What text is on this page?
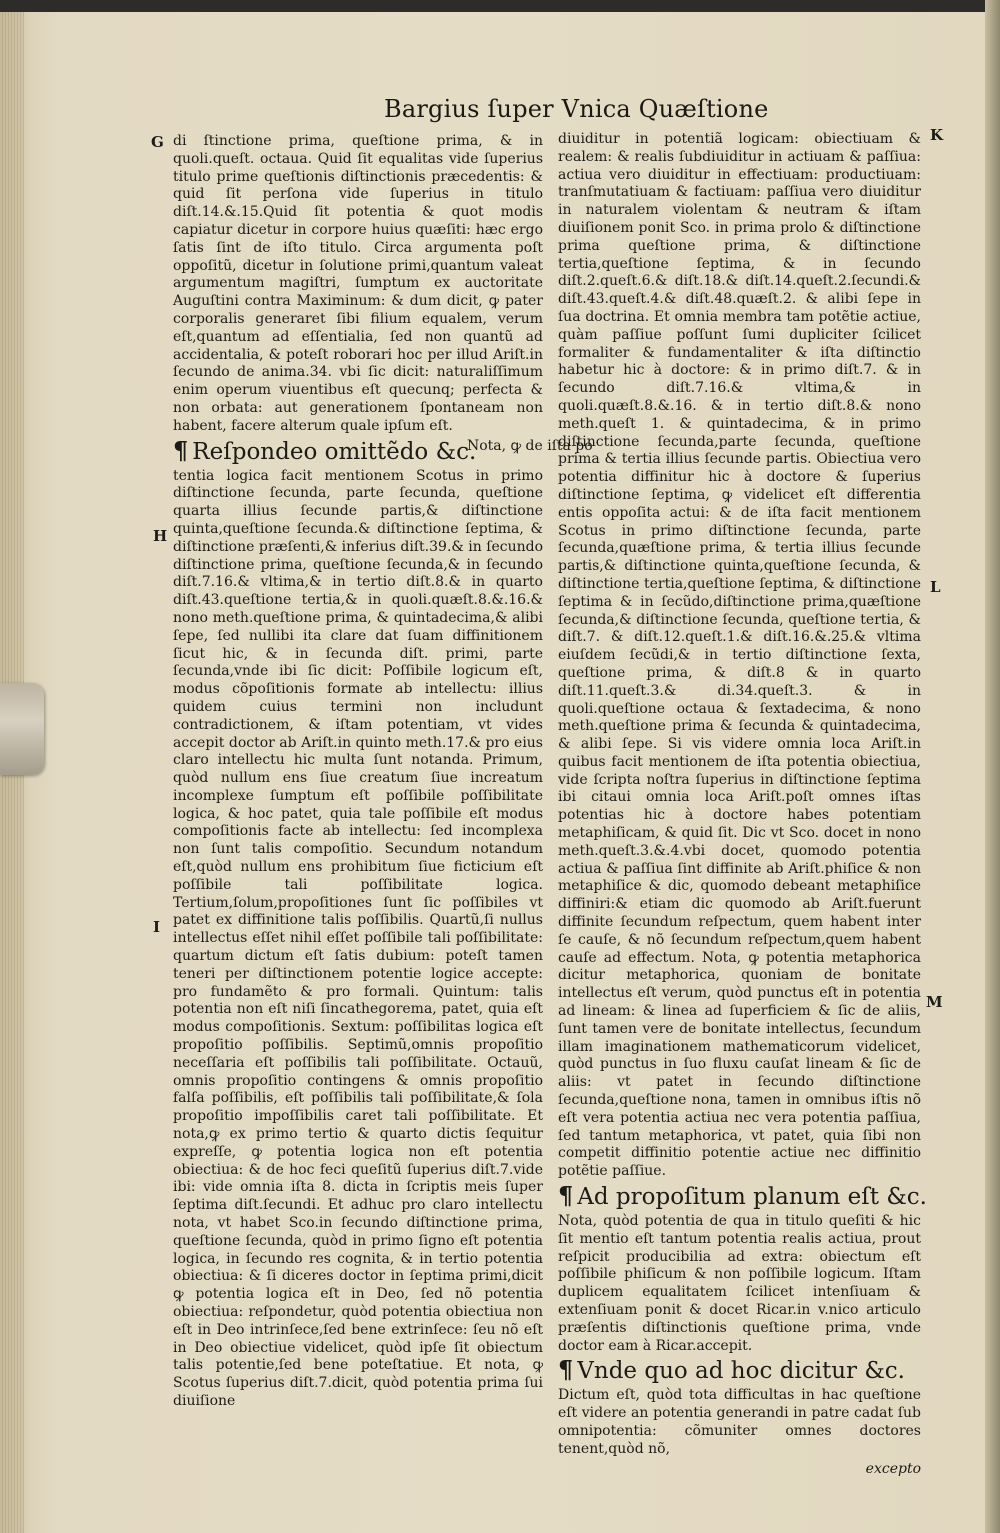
Bargius ſuper Vnica Quæſtione
G
H
I
K
L
M

di ſtinctione prima, queſtione prima, & in quoli.queſt. octaua. Quid ſit equalitas vide ſuperius titulo prime queſtionis diſtinctionis præcedentis: & quid ſit perſona vide ſuperius in titulo diſt.14.&.15.Quid ſit potentia & quot modis capiatur dicetur in corpore huius quæſiti: hæc ergo ſatis ſint de iſto titulo. Circa argumenta poſt oppoſitũ, dicetur in ſolutione primi,quantum valeat argumentum magiſtri, ſumptum ex auctoritate Auguſtini contra Maximinum: & dum dicit, ꝙ pater corporalis generaret ſibi filium equalem, verum eſt,quantum ad eſſentialia, ſed non quantũ ad accidentalia, & poteſt roborari hoc per illud Ariſt.in ſecundo de anima.34. vbi ſic dicit: naturaliſſimum enim operum viuentibus eſt quecunq; perfecta & non orbata: aut generationem ſpontaneam non habent, facere alterum quale ipſum eſt.

Nota, ꝙ de iſta po
¶ Reſpondeo omittẽdo &c.

tentia logica facit mentionem Scotus in primo diſtinctione ſecunda, parte ſecunda, queſtione quarta illius ſecunde partis,& diſtinctione quinta,queſtione ſecunda.& diſtinctione ſeptima, & diſtinctione præſenti,& inferius diſt.39.& in ſecundo diſtinctione prima, queſtione ſecunda,& in ſecundo diſt.7.16.& vltima,& in tertio diſt.8.& in quarto diſt.43.queſtione tertia,& in quoli.quæſt.8.&.16.& nono meth.queſtione prima, & quintadecima,& alibi ſepe, ſed nullibi ita clare dat ſuam diffinitionem ſicut hic, & in ſecunda diſt. primi, parte ſecunda,vnde ibi ſic dicit: Poſſibile logicum eſt, modus cõpoſitionis formate ab intellectu: illius quidem cuius termini non includunt contradictionem, & iſtam potentiam, vt vides accepit doctor ab Ariſt.in quinto meth.17.& pro eius claro intellectu hic multa ſunt notanda. Primum, quòd nullum ens ſiue creatum ſiue increatum incomplexe ſumptum eſt poſſibile poſſibilitate logica, & hoc patet, quia tale poſſibile eſt modus compoſitionis facte ab intellectu: ſed incomplexa non ſunt talis compoſitio. Secundum notandum eſt,quòd nullum ens prohibitum ſiue ficticium eſt poſſibile tali poſſibilitate logica. Tertium,ſolum,propoſitiones ſunt ſic poſſibiles vt patet ex diffinitione talis poſſibilis. Quartũ,ſi nullus intellectus eſſet nihil eſſet poſſibile tali poſſibilitate: quartum dictum eſt ſatis dubium: poteſt tamen teneri per diſtinctionem potentie logice accepte: pro fundamẽto & pro formali. Quintum: talis potentia non eſt niſi ſincathegorema, patet, quia eſt modus compoſitionis. Sextum: poſſibilitas logica eſt propoſitio poſſibilis. Septimũ,omnis propoſitio neceſſaria eſt poſſibilis tali poſſibilitate. Octauũ, omnis propoſitio contingens & omnis propoſitio falſa poſſibilis, eſt poſſibilis tali poſſibilitate,& ſola propoſitio impoſſibilis caret tali poſſibilitate. Et nota,ꝙ ex primo tertio & quarto dictis ſequitur expreſſe, ꝙ potentia logica non eſt potentia obiectiua: & de hoc feci queſitũ ſuperius diſt.7.vide ibi: vide omnia iſta 8. dicta in ſcriptis meis ſuper ſeptima diſt.ſecundi. Et adhuc pro claro intellectu nota, vt habet Sco.in ſecundo diſtinctione prima, queſtione ſecunda, quòd in primo ſigno eſt potentia logica, in ſecundo res cognita, & in tertio potentia obiectiua: & ſi diceres doctor in ſeptima primi,dicit ꝙ potentia logica eſt in Deo, ſed nõ potentia obiectiua: reſpondetur, quòd potentia obiectiua non eſt in Deo intrinſece,ſed bene extrinſece: ſeu nõ eſt in Deo obiectiue videlicet, quòd ipſe ſit obiectum talis potentie,ſed bene poteſtatiue. Et nota, ꝙ Scotus ſuperius diſt.7.dicit, quòd potentia prima ſui diuiſione

diuiditur in potentiã logicam: obiectiuam & realem: & realis ſubdiuiditur in actiuam & paſſiua: actiua vero diuiditur in effectiuam: productiuam: tranſmutatiuam & factiuam: paſſiua vero diuiditur in naturalem violentam & neutram & iſtam diuiſionem ponit Sco. in prima prolo & diſtinctione prima queſtione prima, & diſtinctione tertia,queſtione ſeptima, & in ſecundo diſt.2.queſt.6.& diſt.18.& diſt.14.queſt.2.ſecundi.& diſt.43.queſt.4.& diſt.48.quæſt.2. & alibi ſepe in ſua doctrina. Et omnia membra tam potẽtie actiue, quàm paſſiue poſſunt ſumi dupliciter ſcilicet formaliter & fundamentaliter & iſta diſtinctio habetur hic à doctore: & in primo diſt.7. & in ſecundo diſt.7.16.& vltima,& in quoli.quæſt.8.&.16. & in tertio diſt.8.& nono meth.queſt 1. & quintadecima, & in primo diſtinctione ſecunda,parte ſecunda, queſtione prima & tertia illius ſecunde partis. Obiectiua vero potentia diffinitur hic à doctore & ſuperius diſtinctione ſeptima, ꝙ videlicet eſt differentia entis oppoſita actui: & de iſta facit mentionem Scotus in primo diſtinctione ſecunda, parte ſecunda,quæſtione prima, & tertia illius ſecunde partis,& diſtinctione quinta,queſtione ſecunda, & diſtinctione tertia,queſtione ſeptima, & diſtinctione ſeptima & in ſecũdo,diſtinctione prima,quæſtione ſecunda,& diſtinctione ſecunda, queſtione tertia, & diſt.7. & diſt.12.queſt.1.& diſt.16.&.25.& vltima eiuſdem ſecũdi,& in tertio diſtinctione ſexta, queſtione prima, & diſt.8 & in quarto diſt.11.queſt.3.& di.34.queſt.3. & in quoli.queſtione octaua & ſextadecima, & nono meth.queſtione prima & ſecunda & quintadecima, & alibi ſepe. Si vis videre omnia loca Ariſt.in quibus facit mentionem de iſta potentia obiectiua, vide ſcripta noſtra ſuperius in diſtinctione ſeptima ibi citaui omnia loca Ariſt.poſt omnes iſtas potentias hic à doctore habes potentiam metaphiſicam, & quid ſit. Dic vt Sco. docet in nono meth.queſt.3.&.4.vbi docet, quomodo potentia actiua & paſſiua ſint diffinite ab Ariſt.phiſice & non metaphiſice & dic, quomodo debeant metaphiſice diffiniri:& etiam dic quomodo ab Ariſt.fuerunt diffinite ſecundum reſpectum, quem habent inter ſe cauſe, & nõ ſecundum reſpectum,quem habent cauſe ad effectum. Nota, ꝙ potentia metaphorica dicitur metaphorica, quoniam de bonitate intellectus eſt verum, quòd punctus eſt in potentia ad lineam: & linea ad ſuperficiem & ſic de aliis, ſunt tamen vere de bonitate intellectus, ſecundum illam imaginationem mathematicorum videlicet, quòd punctus in ſuo fluxu cauſat lineam & ſic de aliis: vt patet in ſecundo diſtinctione ſecunda,queſtione nona, tamen in omnibus iſtis nõ eſt vera potentia actiua nec vera potentia paſſiua, ſed tantum metaphorica, vt patet, quia ſibi non competit diffinitio potentie actiue nec diffinitio potẽtie paſſiue.

¶ Ad propoſitum planum eſt &c.

Nota, quòd potentia de qua in titulo queſiti & hic ſit mentio eſt tantum potentia realis actiua, prout reſpicit producibilia ad extra: obiectum eſt poſſibile phiſicum & non poſſibile logicum. Iſtam duplicem equalitatem ſcilicet intenſiuam & extenſiuam ponit & docet Ricar.in v.nico articulo præſentis diſtinctionis queſtione prima, vnde doctor eam à Ricar.accepit.

¶ Vnde quo ad hoc dicitur &c.

Dictum eſt, quòd tota difficultas in hac queſtione eſt videre an potentia generandi in patre cadat ſub omnipotentia: cõmuniter omnes doctores tenent,quòd nõ,

excepto
